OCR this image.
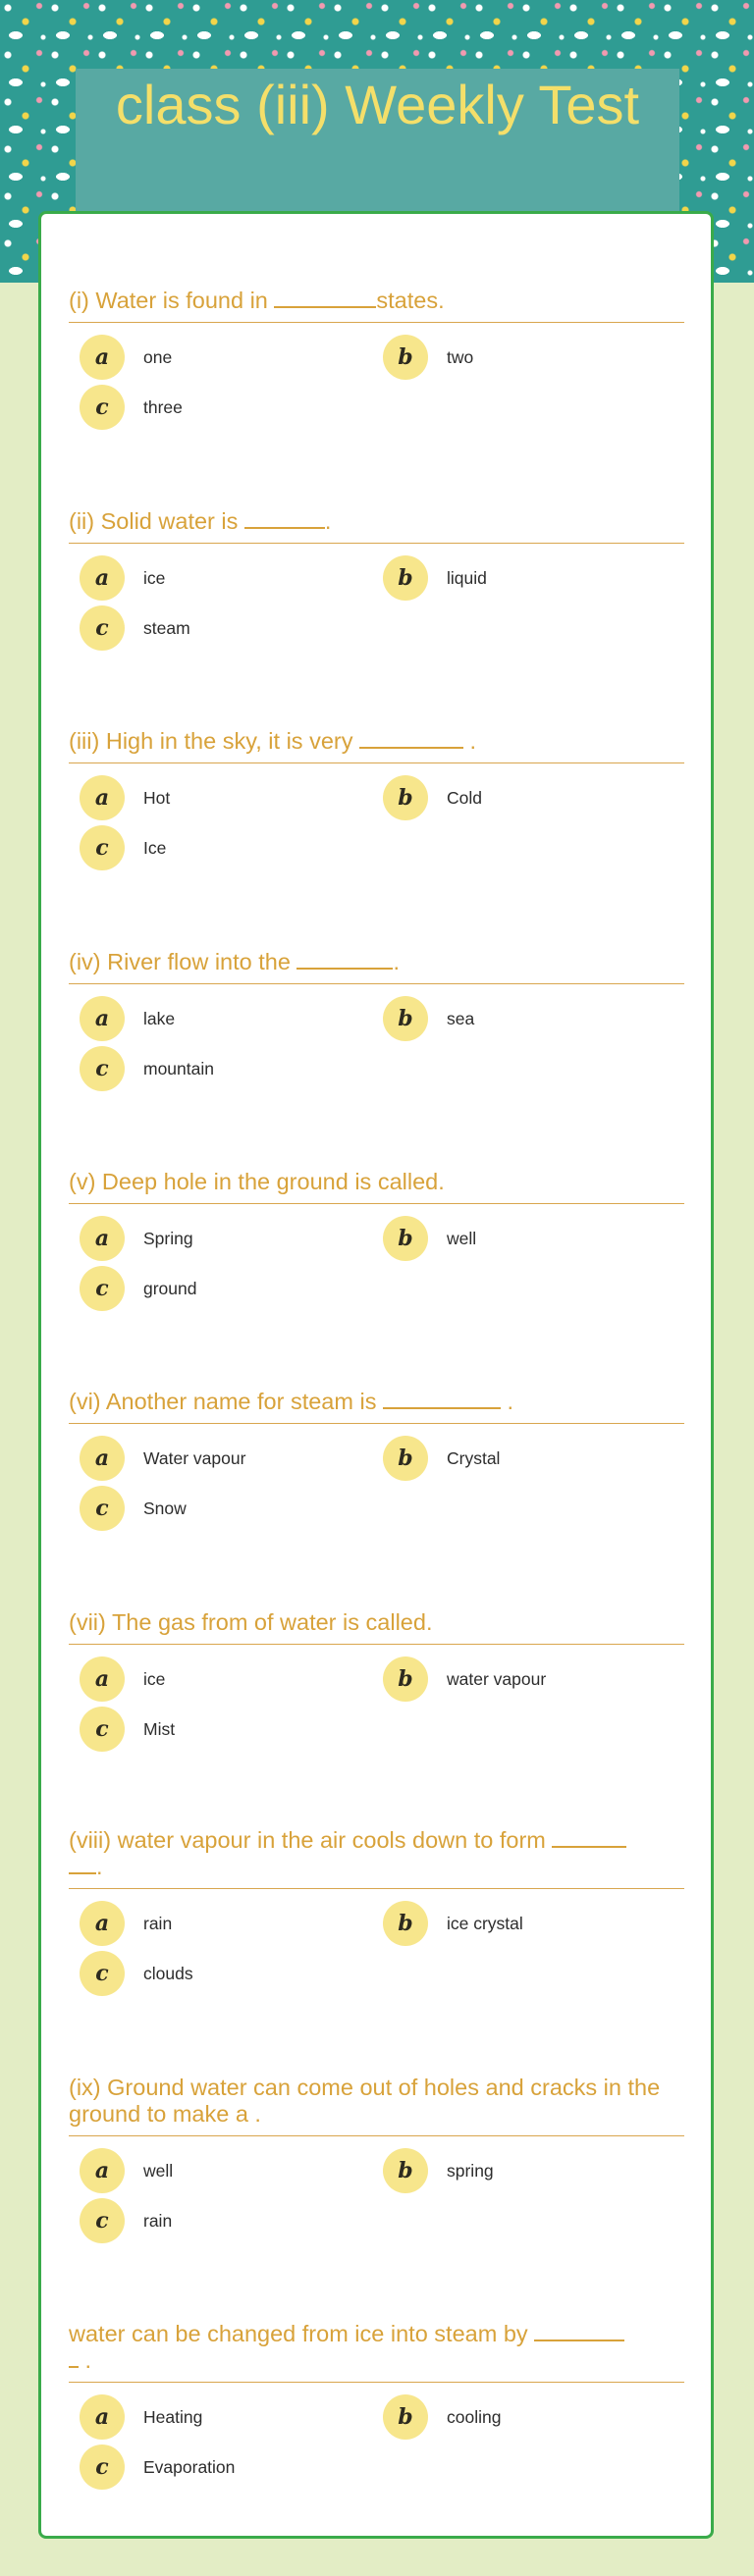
class (iii) Weekly Test
(i) Water is found in	states.
a	one	b	two
c	three
(ii) Solid water is	.
a	ice	b	liquid
c	steam
(iii) High in the sky, it is very	.
a	Hot	b	Cold
c	Ice
(iv) River flow into the	.
a	lake	b	sea
c	mountain
(v) Deep hole in the ground is called.
a	Spring	b	well
c	ground
(vi) Another name for steam is	.
a	Water vapour	b	Crystal
c	Snow
(vii) The gas from of water is called.
a	ice	b	water vapour
c	Mist
(viii) water vapour in the air cools down to form
.
a	rain	b	ice crystal
c	clouds
(ix) Ground water can come out of holes and cracks in the ground to make a .
a	well	b	spring
c	rain
water can be changed from ice into steam by
.
a	Heating	b	cooling
c	Evaporation
